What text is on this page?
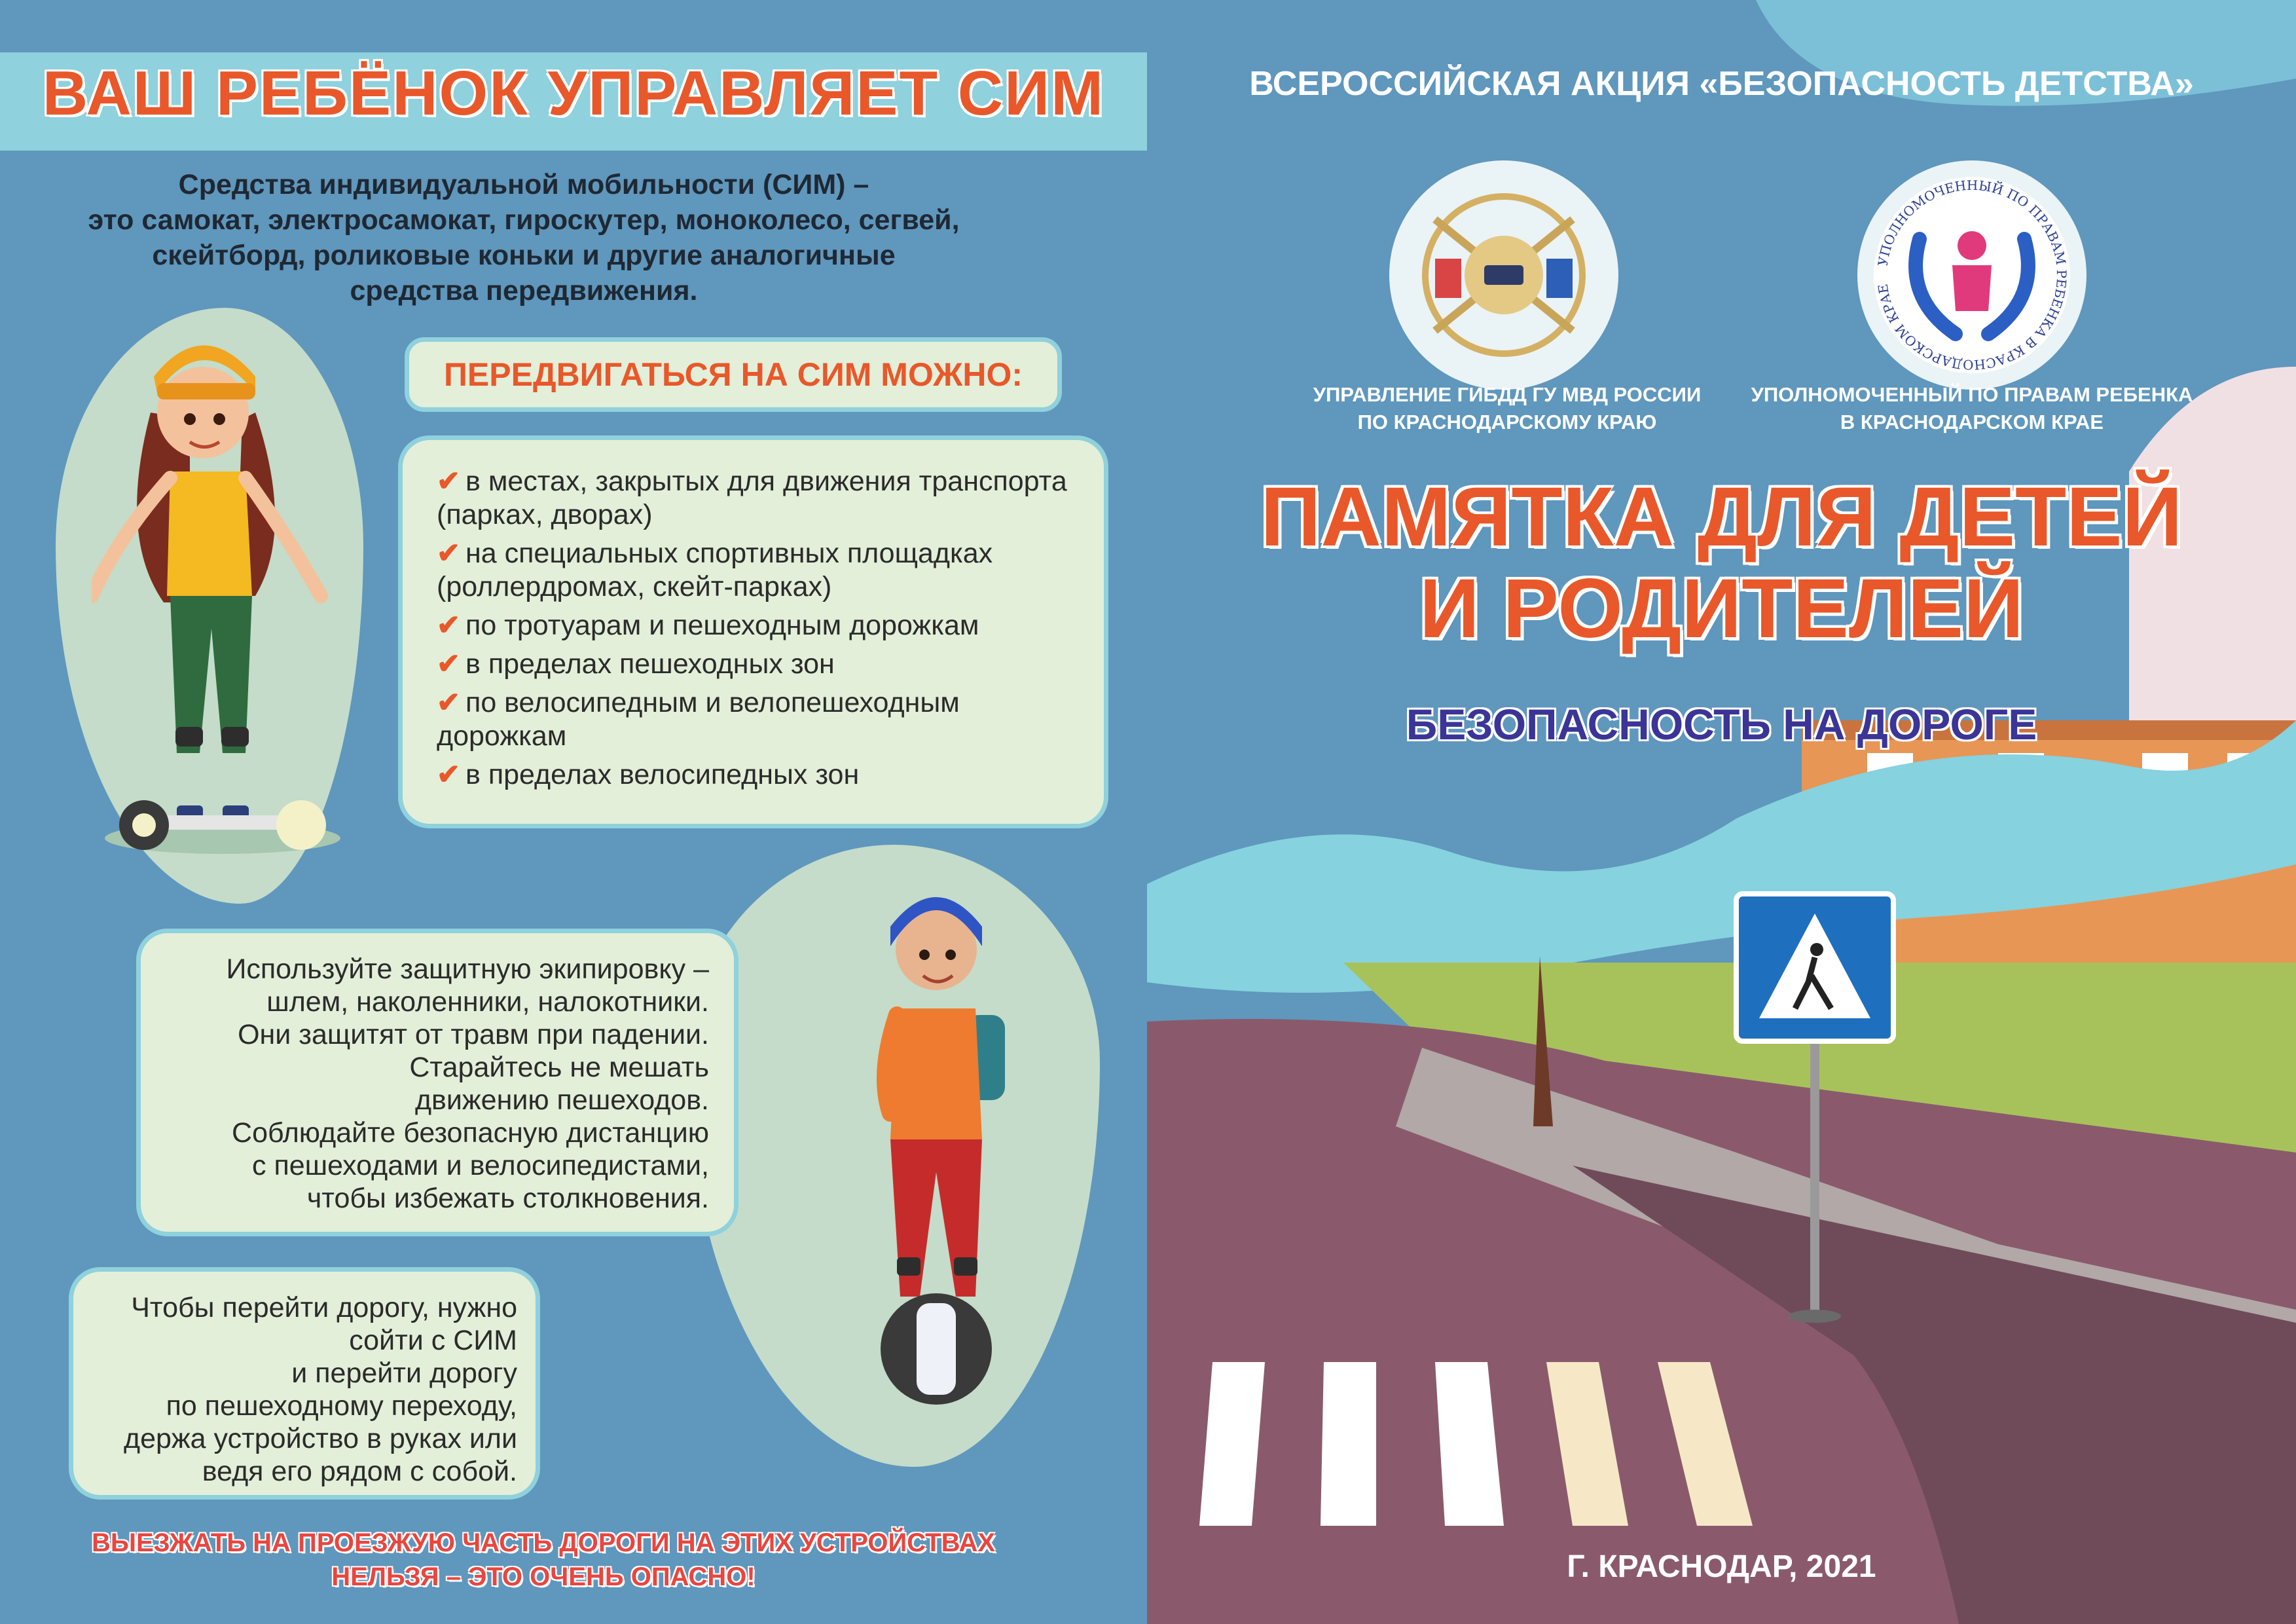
ВАШ РЕБЁНОК УПРАВЛЯЕТ СИМ
Средства индивидуальной мобильности (СИМ) –
это самокат, электросамокат, гироскутер, моноколесо, сегвей,
скейтборд, роликовые коньки и другие аналогичные
средства передвижения.
ПЕРЕДВИГАТЬСЯ НА СИМ МОЖНО:
✔ в местах, закрытых для движения транспорта (парках, дворах)
✔ на специальных спортивных площадках (роллердромах, скейт-парках)
✔ по тротуарам и пешеходным дорожкам
✔ в пределах пешеходных зон
✔ по велосипедным и велопешеходным дорожкам
✔ в пределах велосипедных зон
Используйте защитную экипировку –
шлем, наколенники, налокотники.
Они защитят от травм при падении.
Старайтесь не мешать
движению пешеходов.
Соблюдайте безопасную дистанцию
с пешеходами и велосипедистами,
чтобы избежать столкновения.
Чтобы перейти дорогу, нужно
сойти с СИМ
и перейти дорогу
по пешеходному переходу,
держа устройство в руках или
ведя его рядом с собой.
ВЫЕЗЖАТЬ НА ПРОЕЗЖУЮ ЧАСТЬ ДОРОГИ НА ЭТИХ УСТРОЙСТВАХ
НЕЛЬЗЯ – ЭТО ОЧЕНЬ ОПАСНО!
ВСЕРОССИЙСКАЯ АКЦИЯ «БЕЗОПАСНОСТЬ ДЕТСТВА»
УПРАВЛЕНИЕ ГИБДД ГУ МВД РОССИИ
ПО КРАСНОДАРСКОМУ КРАЮ
УПОЛНОМОЧЕННЫЙ ПО ПРАВАМ РЕБЕНКА В КРАСНОДАРСКОМ КРАЕ
УПОЛНОМОЧЕННЫЙ ПО ПРАВАМ РЕБЕНКА
В КРАСНОДАРСКОМ КРАЕ
ПАМЯТКА ДЛЯ ДЕТЕЙ
И РОДИТЕЛЕЙ
БЕЗОПАСНОСТЬ НА ДОРОГЕ
Г. КРАСНОДАР, 2021
